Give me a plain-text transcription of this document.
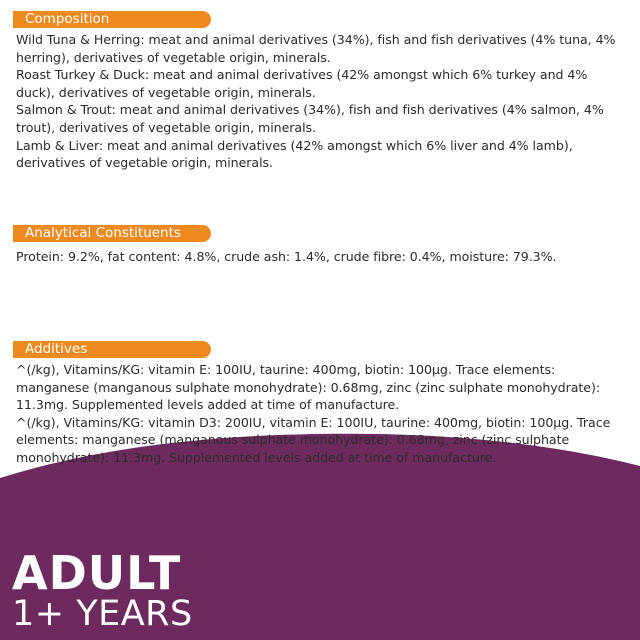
Composition

Wild Tuna & Herring: meat and animal derivatives (34%), fish and fish derivatives (4% tuna, 4% herring), derivatives of vegetable origin, minerals.

Roast Turkey & Duck: meat and animal derivatives (42% amongst which 6% turkey and 4% duck), derivatives of vegetable origin, minerals.

Salmon & Trout: meat and animal derivatives (34%), fish and fish derivatives (4% salmon, 4% trout), derivatives of vegetable origin, minerals.

Lamb & Liver: meat and animal derivatives (42% amongst which 6% liver and 4% lamb), derivatives of vegetable origin, minerals.

Analytical Constituents

Protein: 9.2%, fat content: 4.8%, crude ash: 1.4%, crude fibre: 0.4%, moisture: 79.3%.

Additives

^(/kg), Vitamins/KG: vitamin E: 100IU, taurine: 400mg, biotin: 100µg. Trace elements: manganese (manganous sulphate monohydrate): 0.68mg, zinc (zinc sulphate monohydrate): 11.3mg. Supplemented levels added at time of manufacture.

^(/kg), Vitamins/KG: vitamin D3: 200IU, vitamin E: 100IU, taurine: 400mg, biotin: 100µg. Trace elements: manganese (manganous sulphate monohydrate): 0.68mg, zinc (zinc sulphate monohydrate): 11.3mg. Supplemented levels added at time of manufacture.

ADULT
1+ YEARS
